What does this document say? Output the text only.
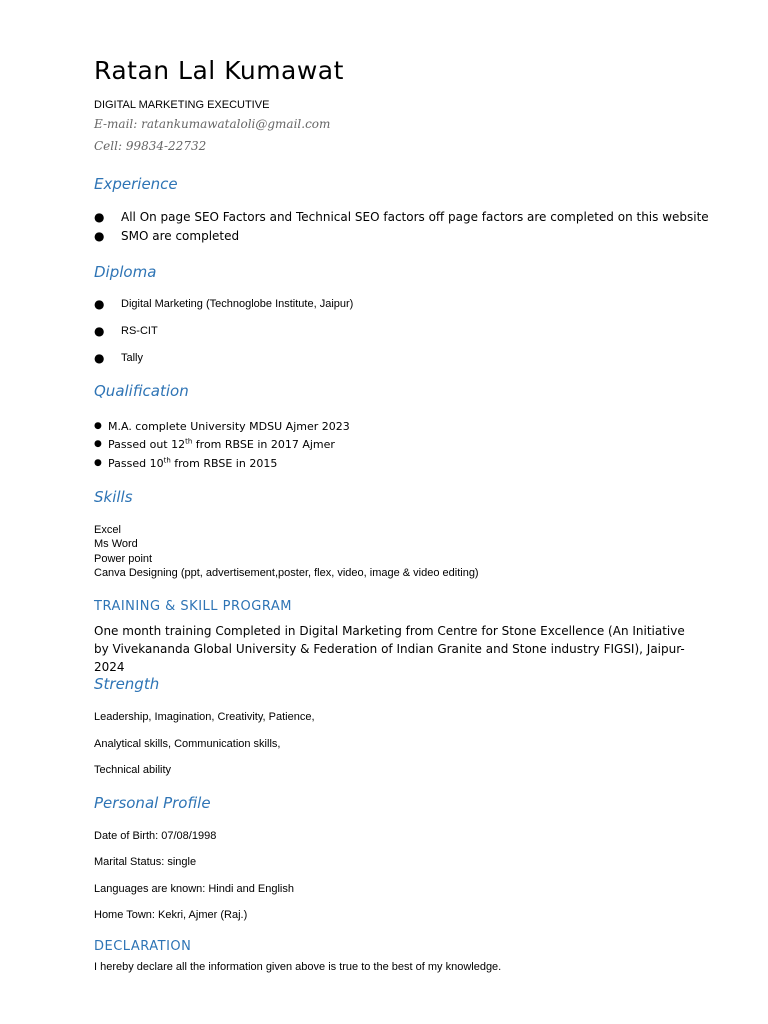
Ratan Lal Kumawat
DIGITAL MARKETING EXECUTIVE
E-mail: ratankumawataloli@gmail.com
Cell: 99834-22732
Experience
● All On page SEO Factors and Technical SEO factors off page factors are completed on this website
● SMO are completed
Diploma
● Digital Marketing (Technoglobe Institute, Jaipur)
● RS-CIT
● Tally
Qualification
● M.A. complete University MDSU Ajmer 2023
● Passed out 12th from RBSE in 2017 Ajmer
● Passed 10th from RBSE in 2015
Skills
Excel
Ms Word
Power point
Canva Designing (ppt, advertisement,poster, flex, video, image & video editing)
TRAINING & SKILL PROGRAM
One month training Completed in Digital Marketing from Centre for Stone Excellence (An Initiative by Vivekananda Global University & Federation of Indian Granite and Stone industry FIGSI), Jaipur-2024
Strength
Leadership, Imagination, Creativity, Patience,
Analytical skills, Communication skills,
Technical ability
Personal Profile
Date of Birth: 07/08/1998
Marital Status: single
Languages are known: Hindi and English
Home Town: Kekri, Ajmer (Raj.)
DECLARATION
I hereby declare all the information given above is true to the best of my knowledge.
